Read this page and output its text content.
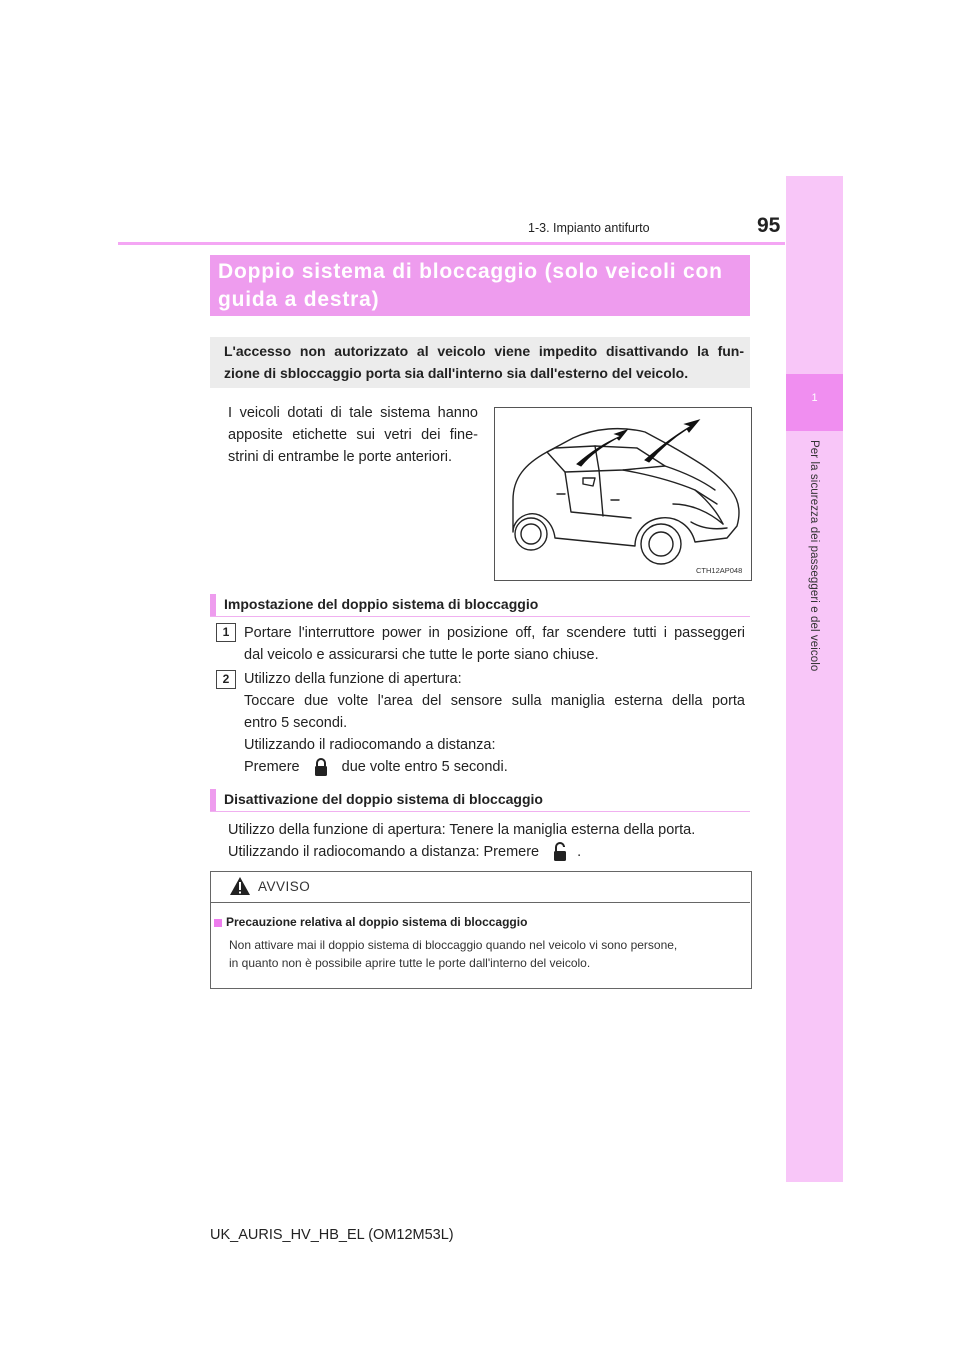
1-3. Impianto antifurto	95
1
Per la sicurezza dei passeggeri e del veicolo
Doppio sistema di bloccaggio (solo veicoli con
guida a destra)
L'accesso non autorizzato al veicolo viene impedito disattivando la fun-
zione di sbloccaggio porta sia dall'interno sia dall'esterno del veicolo.
I veicoli dotati di tale sistema hanno apposite etichette sui vetri dei fine-strini di entrambe le porte anteriori.
CTH12AP048
Impostazione del doppio sistema di bloccaggio
1	Portare l'interruttore power in posizione off, far scendere tutti i passeggeri
dal veicolo e assicurarsi che tutte le porte siano chiuse.
2	Utilizzo della funzione di apertura:
Toccare due volte l'area del sensore sulla maniglia esterna della porta
entro 5 secondi.
Utilizzando il radiocomando a distanza:
Premere	due volte entro 5 secondi.
Disattivazione del doppio sistema di bloccaggio
Utilizzo della funzione di apertura: Tenere la maniglia esterna della porta.
Utilizzando il radiocomando a distanza: Premere	.
AVVISO
Precauzione relativa al doppio sistema di bloccaggio
Non attivare mai il doppio sistema di bloccaggio quando nel veicolo vi sono persone,
in quanto non è possibile aprire tutte le porte dall'interno del veicolo.
UK_AURIS_HV_HB_EL (OM12M53L)
